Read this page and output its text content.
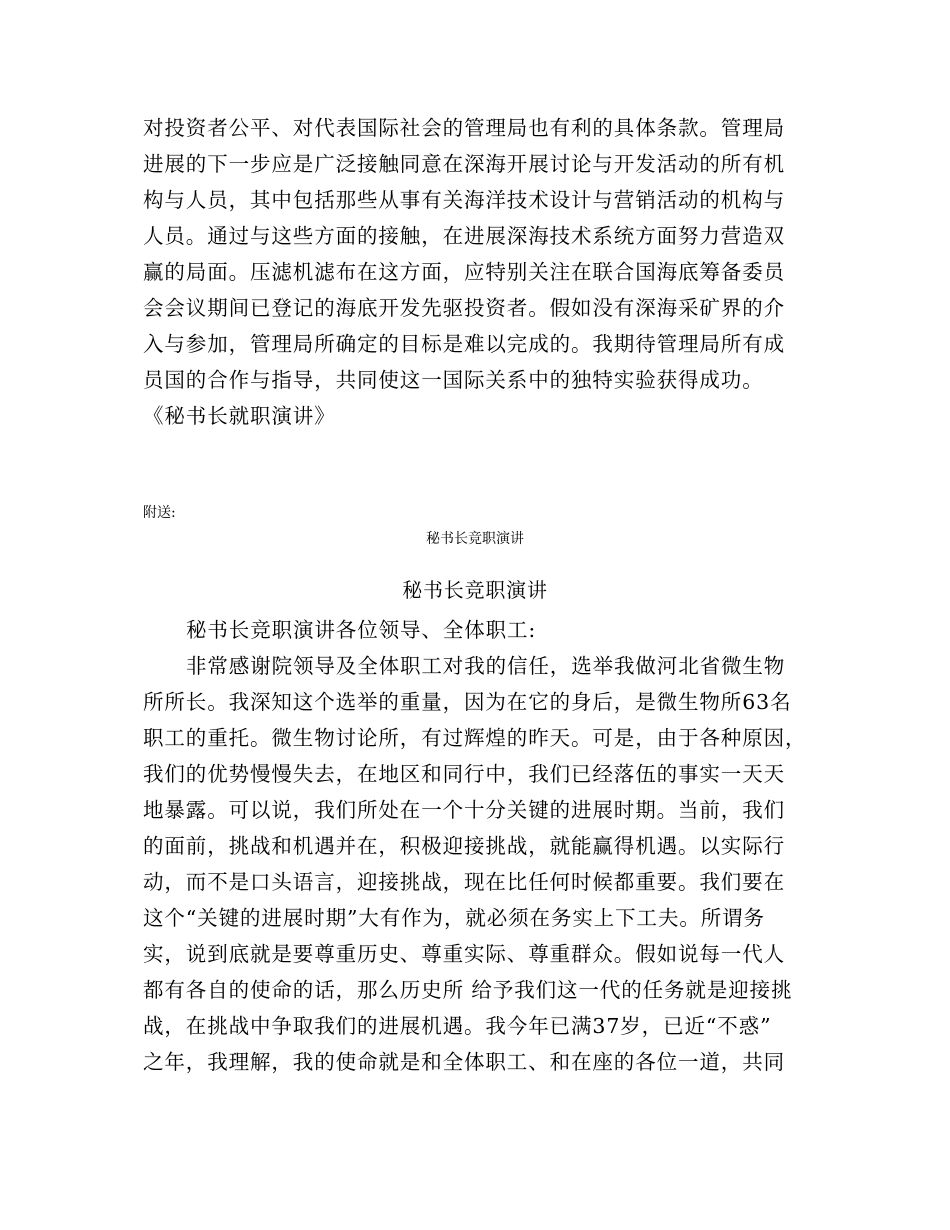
对投资者公平、对代表国际社会的管理局也有利的具体条款。管理局
进展的下一步应是广泛接触同意在深海开展讨论与开发活动的所有机
构与人员，其中包括那些从事有关海洋技术设计与营销活动的机构与
人员。通过与这些方面的接触，在进展深海技术系统方面努力营造双
赢的局面。压滤机滤布在这方面，应特别关注在联合国海底筹备委员
会会议期间已登记的海底开发先驱投资者。假如没有深海采矿界的介
入与参加，管理局所确定的目标是难以完成的。我期待管理局所有成
员国的合作与指导，共同使这一国际关系中的独特实验获得成功。
《秘书长就职演讲》
附送:
秘书长竞职演讲
秘书长竞职演讲
秘书长竞职演讲各位领导、全体职工:
非常感谢院领导及全体职工对我的信任，选举我做河北省微生物
所所长。我深知这个选举的重量，因为在它的身后，是微生物所63名
职工的重托。微生物讨论所，有过辉煌的昨天。可是，由于各种原因，
我们的优势慢慢失去，在地区和同行中，我们已经落伍的事实一天天
地暴露。可以说，我们所处在一个十分关键的进展时期。当前，我们
的面前，挑战和机遇并在，积极迎接挑战，就能赢得机遇。以实际行
动，而不是口头语言，迎接挑战，现在比任何时候都重要。我们要在
这个“关键的进展时期”大有作为，就必须在务实上下工夫。所谓务
实，说到底就是要尊重历史、尊重实际、尊重群众。假如说每一代人
都有各自的使命的话，那么历史所 给予我们这一代的任务就是迎接挑
战，在挑战中争取我们的进展机遇。我今年已满37岁，已近“不惑”
之年，我理解，我的使命就是和全体职工、和在座的各位一道，共同
